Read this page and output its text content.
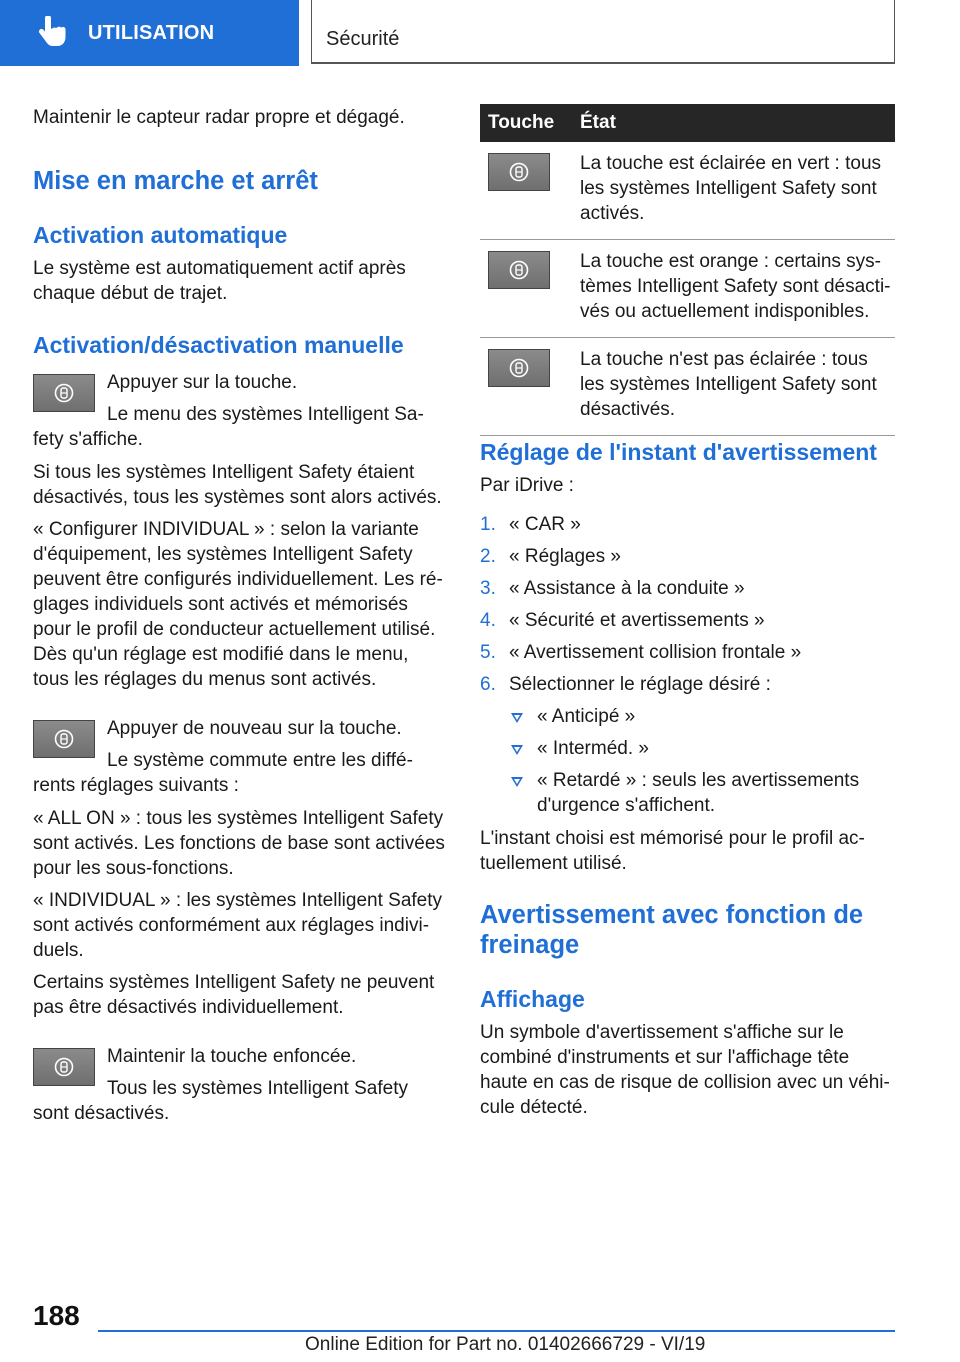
UTILISATION	Sécurité

Maintenir le capteur radar propre et dégagé.

Mise en marche et arrêt
Activation automatique

Le système est automatiquement actif après

chaque début de trajet.

Activation/désactivation manuelle

Appuyer sur la touche.

Le menu des systèmes Intelligent Sa‐

fety s'affiche.

Si tous les systèmes Intelligent Safety étaient

désactivés, tous les systèmes sont alors activés.

« Configurer INDIVIDUAL » : selon la variante

d'équipement, les systèmes Intelligent Safety

peuvent être configurés individuellement. Les ré‐

glages individuels sont activés et mémorisés

pour le profil de conducteur actuellement utilisé.

Dès qu'un réglage est modifié dans le menu,

tous les réglages du menus sont activés.

Appuyer de nouveau sur la touche.

Le système commute entre les diffé‐

rents réglages suivants :

« ALL ON » : tous les systèmes Intelligent Safety

sont activés. Les fonctions de base sont activées

pour les sous-fonctions.

« INDIVIDUAL » : les systèmes Intelligent Safety

sont activés conformément aux réglages indivi‐

duels.

Certains systèmes Intelligent Safety ne peuvent

pas être désactivés individuellement.

Maintenir la touche enfoncée.

Tous les systèmes Intelligent Safety

sont désactivés.

Touche	État

	La touche est éclairée en vert : tous les systèmes Intelligent Safety sont activés.

	La touche est orange : certains sys‐ tèmes Intelligent Safety sont désacti‐ vés ou actuellement indisponibles.

	La touche n'est pas éclairée : tous les systèmes Intelligent Safety sont désactivés.
Réglage de l'instant d'avertissement

Par iDrive :

1. « CAR »

2. « Réglages »

3. « Assistance à la conduite »

4. « Sécurité et avertissements »

5. « Avertissement collision frontale »

6. Sélectionner le réglage désiré :

« Anticipé »

« Interméd. »

« Retardé » : seuls les avertissements

d'urgence s'affichent.

L'instant choisi est mémorisé pour le profil ac‐

tuellement utilisé.

Avertissement avec fonction de
freinage
Affichage

Un symbole d'avertissement s'affiche sur le

combiné d'instruments et sur l'affichage tête

haute en cas de risque de collision avec un véhi‐

cule détecté.

188
Online Edition for Part no. 01402666729 - VI/19
